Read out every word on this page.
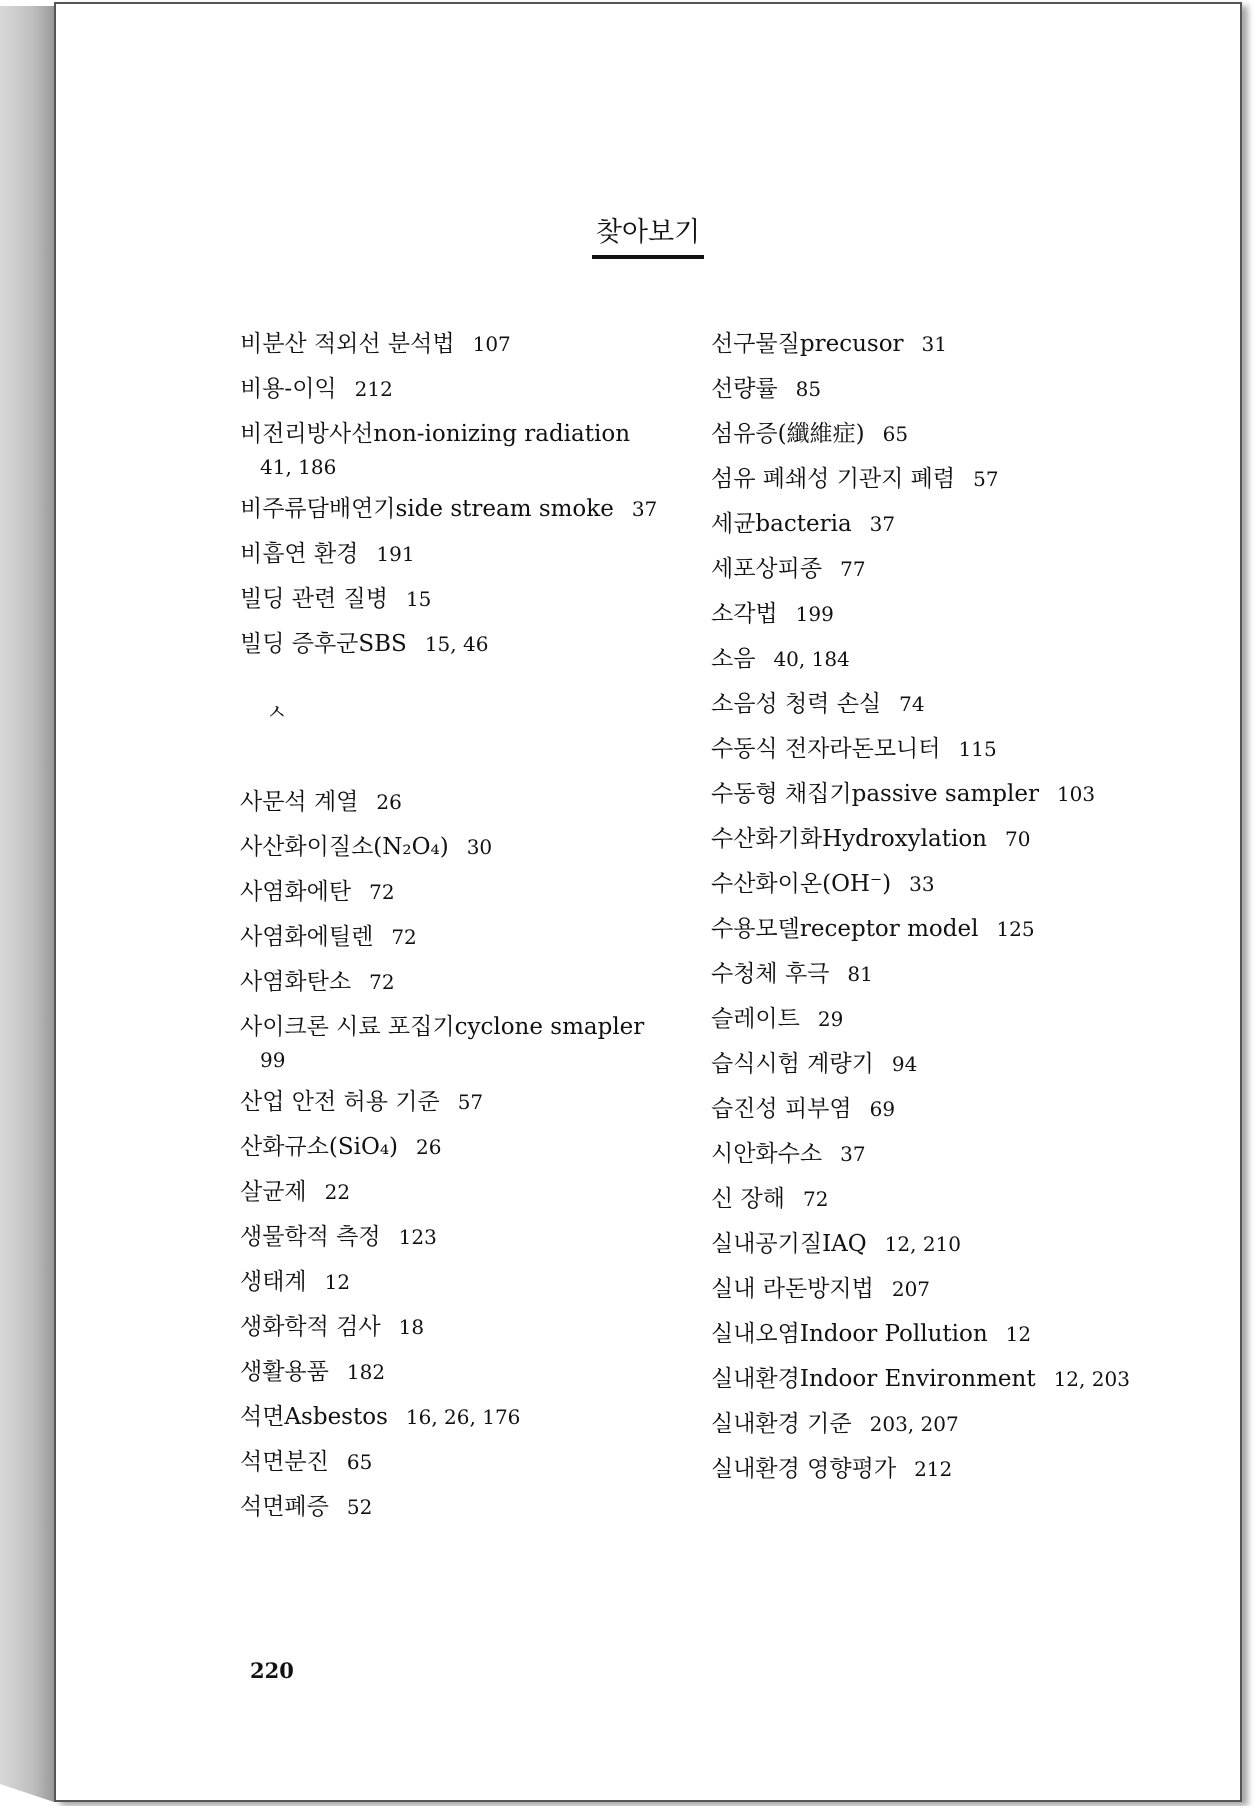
찾아보기
비분산 적외선 분석법 107
비용-이익 212
비전리방사선non-ionizing radiation
41, 186
비주류담배연기side stream smoke 37
비흡연 환경 191
빌딩 관련 질병 15
빌딩 증후군SBS 15, 46
ㅅ
사문석 계열 26
사산화이질소(N₂O₄) 30
사염화에탄 72
사염화에틸렌 72
사염화탄소 72
사이크론 시료 포집기cyclone smapler
99
산업 안전 허용 기준 57
산화규소(SiO₄) 26
살균제 22
생물학적 측정 123
생태계 12
생화학적 검사 18
생활용품 182
석면Asbestos 16, 26, 176
석면분진 65
석면폐증 52
선구물질precusor 31
선량률 85
섬유증(纖維症) 65
섬유 폐쇄성 기관지 폐렴 57
세균bacteria 37
세포상피종 77
소각법 199
소음 40, 184
소음성 청력 손실 74
수동식 전자라돈모니터 115
수동형 채집기passive sampler 103
수산화기화Hydroxylation 70
수산화이온(OH⁻) 33
수용모델receptor model 125
수청체 후극 81
슬레이트 29
습식시험 계량기 94
습진성 피부염 69
시안화수소 37
신 장해 72
실내공기질IAQ 12, 210
실내 라돈방지법 207
실내오염Indoor Pollution 12
실내환경Indoor Environment 12, 203
실내환경 기준 203, 207
실내환경 영향평가 212
220
